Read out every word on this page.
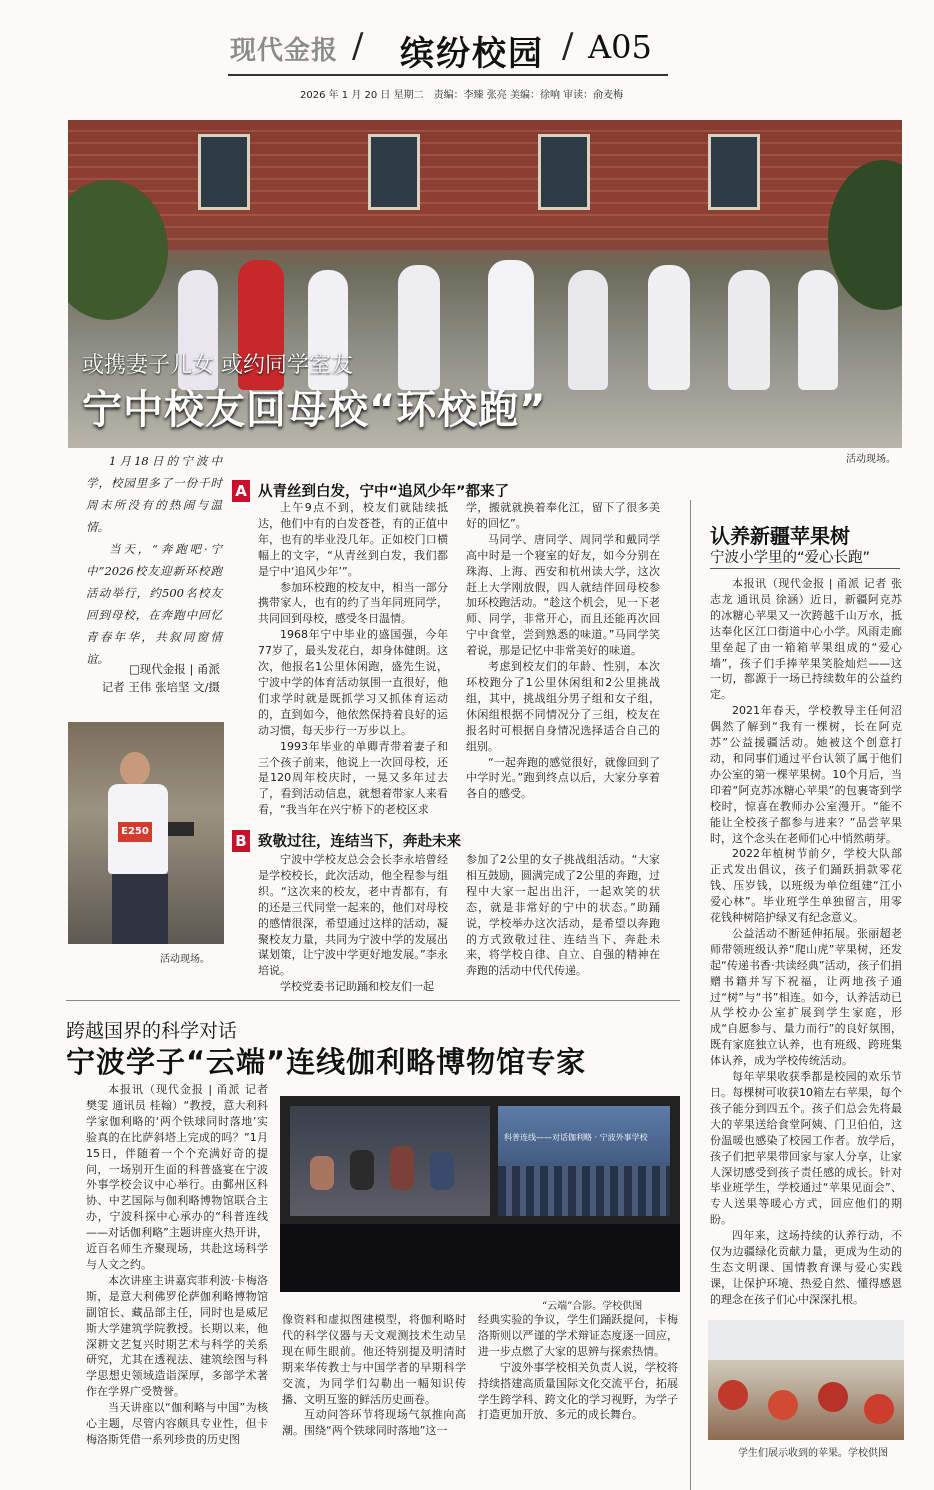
现代金报 / 缤纷校园 / A05
2026 年 1 月 20 日 星期二　责编：李臻 张亮 美编：徐响 审读：俞麦梅
或携妻子儿女 或约同学室友
宁中校友回母校“环校跑”
活动现场。

1月18日的宁波中学，校园里多了一份千时周末所没有的热闹与温情。

当天，“奔跑吧·宁中”2026校友迎新环校跑活动举行，约500名校友回到母校，在奔跑中回忆青春年华，共叙同窗情谊。

□现代金报 | 甬派
记者 王伟 张培坚 文/摄
E250
活动现场。
A 从青丝到白发，宁中“追风少年”都来了

上午9点不到，校友们就陆续抵达，他们中有的白发苍苍，有的正值中年，也有的毕业没几年。正如校门口横幅上的文字，“从青丝到白发，我们都是宁中‘追风少年’”。

参加环校跑的校友中，相当一部分携带家人，也有的约了当年同班同学，共同回到母校，感受冬日温情。

1968年宁中毕业的盛国强，今年77岁了，最头发花白，却身体健朗。这次，他报名1公里休闲跑，盛先生说，宁波中学的体育活动氛围一直很好，他们求学时就是既抓学习又抓体育运动的，直到如今，他依然保持着良好的运动习惯，每天步行一万步以上。

1993年毕业的单卿青带着妻子和三个孩子前来，他说上一次回母校，还是120周年校庆时，一晃又多年过去了，看到活动信息，就想着带家人来看看，“我当年在兴宁桥下的老校区求

学，搬就就换着奉化江，留下了很多美好的回忆”。

马同学、唐同学、周同学和戴同学高中时是一个寝室的好友，如今分别在珠海、上海、西安和杭州读大学，这次赶上大学刚放假，四人就结伴回母校参加环校跑活动。“趁这个机会，见一下老师、同学，非常开心，而且还能再次回宁中食堂，尝到熟悉的味道。”马同学笑着说，那是记忆中非常美好的味道。

考虑到校友们的年龄、性别，本次环校跑分了1公里休闲组和2公里挑战组，其中，挑战组分男子组和女子组，休闲组根据不同情况分了三组，校友在报名时可根据自身情况选择适合自己的组别。

“一起奔跑的感觉很好，就像回到了中学时光。”跑到终点以后，大家分享着各自的感受。

B 致敬过往，连结当下，奔赴未来

宁波中学校友总会会长李永培曾经是学校校长，此次活动，他全程参与组织。“这次来的校友，老中青都有，有的还是三代同堂一起来的，他们对母校的感情很深，希望通过这样的活动，凝聚校友力量，共同为宁波中学的发展出谋划策，让宁波中学更好地发展。”李永培说。

学校党委书记助踊和校友们一起

参加了2公里的女子挑战组活动。“大家相互鼓励，圆满完成了2公里的奔跑，过程中大家一起出出汗，一起欢笑的状态，就是非常好的宁中的状态。”助踊说，学校举办这次活动，是希望以奔跑的方式致敬过往、连结当下、奔赴未来，将学校自律、自立、自强的精神在奔跑的活动中代代传递。

认养新疆苹果树
宁波小学里的“爱心长跑”

本报讯（现代金报 | 甬派 记者 张志龙 通讯员 徐涵）近日，新疆阿克苏的冰糖心苹果又一次跨越千山万水，抵达奉化区江口街道中心小学。风雨走廊里垒起了由一箱箱苹果组成的“爱心墙”，孩子们手捧苹果笑脸灿烂——这一切，都源于一场已持续数年的公益约定。

2021年春天，学校教导主任何沼偶然了解到“我有一棵树，长在阿克苏”公益援疆活动。她被这个创意打动，和同事们通过平台认领了属于他们办公室的第一棵苹果树。10个月后，当印着“阿克苏冰糖心苹果”的包裹寄到学校时，惊喜在教师办公室漫开。“能不能让全校孩子都参与进来？”品尝苹果时，这个念头在老师们心中悄然萌芽。

2022年植树节前夕，学校大队部正式发出倡议，孩子们踊跃捐款零花钱、压岁钱，以班级为单位组建“江小爱心林”。毕业班学生单独留言，用零花钱种树陪护绿叉有纪念意义。

公益活动不断延伸拓展。张丽超老师带领班级认养“爬山虎”苹果树，还发起“传递书香·共读经典”活动，孩子们捐赠书籍并写下祝福，让两地孩子通过“树”与“书”相连。如今，认养活动已从学校办公室扩展到学生家庭，形成“自愿参与、量力而行”的良好氛围，既有家庭独立认养，也有班级、跨班集体认养，成为学校传统活动。

每年苹果收获季都是校园的欢乐节日。每棵树可收获10箱左右苹果，每个孩子能分到四五个。孩子们总会先将最大的苹果送给食堂阿姨、门卫伯伯，这份温暖也感染了校园工作者。放学后，孩子们把苹果带回家与家人分享，让家人深切感受到孩子责任感的成长。针对毕业班学生，学校通过“苹果见面会”、专人送果等暖心方式，回应他们的期盼。

四年来，这场持续的认养行动，不仅为边疆绿化贡献力量，更成为生动的生态文明课、国情教育课与爱心实践课，让保护环境、热爱自然、懂得感恩的理念在孩子们心中深深扎根。

学生们展示收到的苹果。学校供图
跨越国界的科学对话
宁波学子“云端”连线伽利略博物馆专家

本报讯（现代金报 | 甬派 记者 樊雯 通讯员 桂翰）“教授，意大利科学家伽利略的‘两个铁球同时落地’实验真的在比萨斜塔上完成的吗？”1月15日，伴随着一个个充满好奇的提问，一场别开生面的科普盛宴在宁波外事学校会议中心举行。由鄞州区科协、中艺国际与伽利略博物馆联合主办，宁波科探中心承办的“科普连线——对话伽利略”主题讲座火热开讲，近百名师生齐聚现场，共赴这场科学与人文之约。

本次讲座主讲嘉宾菲利波·卡梅洛斯，是意大利佛罗伦萨伽利略博物馆副馆长、藏品部主任，同时也是威尼斯大学建筑学院教授。长期以来，他深耕文艺复兴时期艺术与科学的关系研究，尤其在透视法、建筑绘图与科学思想史领域造诣深厚，多部学术著作在学界广受赞誉。

当天讲座以“伽利略与中国”为核心主题，尽管内容颇具专业性，但卡梅洛斯凭借一系列珍贵的历史图

科普连线——对话伽利略 · 宁波外事学校
“云端”合影。学校供图

像资料和虚拟图建模型，将伽利略时代的科学仪器与天文观测技术生动呈现在师生眼前。他还特别提及明清时期来华传教士与中国学者的早期科学交流，为同学们勾勒出一幅知识传播、文明互鉴的鲜活历史画卷。

互动问答环节将现场气氛推向高潮。围绕“两个铁球同时落地”这一

经典实验的争议，学生们踊跃提问，卡梅洛斯则以严谨的学术辩证态度逐一回应，进一步点燃了大家的思辨与探索热情。

宁波外事学校相关负责人说，学校将持续搭建高质量国际文化交流平台，拓展学生跨学科、跨文化的学习视野，为学子打造更加开放、多元的成长舞台。
